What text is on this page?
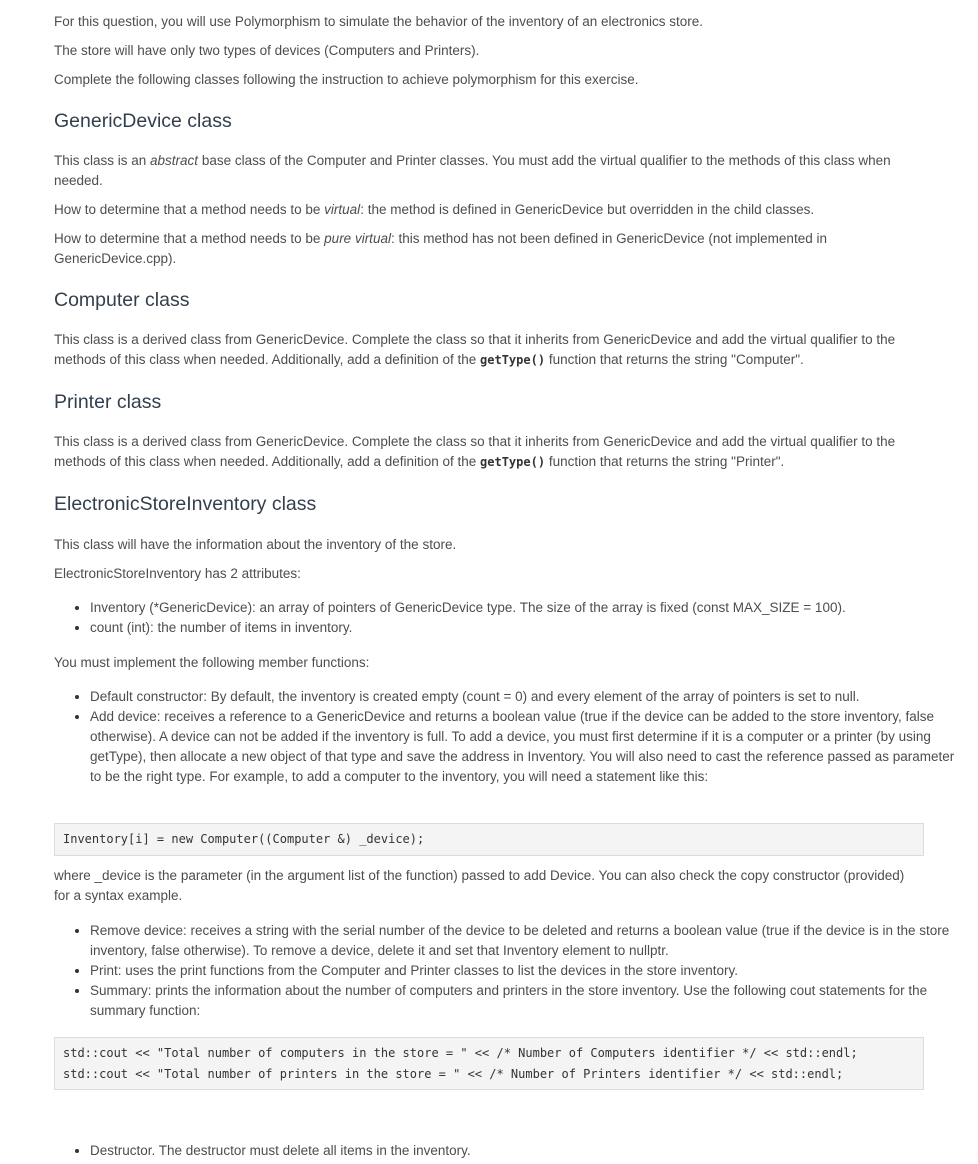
For this question, you will use Polymorphism to simulate the behavior of the inventory of an electronics store.

The store will have only two types of devices (Computers and Printers).

Complete the following classes following the instruction to achieve polymorphism for this exercise.

GenericDevice class

This class is an abstract base class of the Computer and Printer classes. You must add the virtual qualifier to the methods of this class when needed.

How to determine that a method needs to be virtual: the method is defined in GenericDevice but overridden in the child classes.

How to determine that a method needs to be pure virtual: this method has not been defined in GenericDevice (not implemented in GenericDevice.cpp).

Computer class

This class is a derived class from GenericDevice. Complete the class so that it inherits from GenericDevice and add the virtual qualifier to the methods of this class when needed. Additionally, add a definition of the getType() function that returns the string "Computer".

Printer class

This class is a derived class from GenericDevice. Complete the class so that it inherits from GenericDevice and add the virtual qualifier to the methods of this class when needed. Additionally, add a definition of the getType() function that returns the string "Printer".

ElectronicStoreInventory class

This class will have the information about the inventory of the store.

ElectronicStoreInventory has 2 attributes:

• Inventory (*GenericDevice): an array of pointers of GenericDevice type. The size of the array is fixed (const MAX_SIZE = 100).
• count (int): the number of items in inventory.

You must implement the following member functions:

• Default constructor: By default, the inventory is created empty (count = 0) and every element of the array of pointers is set to null.
• Add device: receives a reference to a GenericDevice and returns a boolean value (true if the device can be added to the store inventory, false otherwise). A device can not be added if the inventory is full. To add a device, you must first determine if it is a computer or a printer (by using getType), then allocate a new object of that type and save the address in Inventory. You will also need to cast the reference passed as parameter to be the right type. For example, to add a computer to the inventory, you will need a statement like this:
Inventory[i] = new Computer((Computer &) _device);

where _device is the parameter (in the argument list of the function) passed to add Device. You can also check the copy constructor (provided) for a syntax example.

• Remove device: receives a string with the serial number of the device to be deleted and returns a boolean value (true if the device is in the store inventory, false otherwise). To remove a device, delete it and set that Inventory element to nullptr.
• Print: uses the print functions from the Computer and Printer classes to list the devices in the store inventory.
• Summary: prints the information about the number of computers and printers in the store inventory. Use the following cout statements for the summary function:
std::cout << "Total number of computers in the store = " << /* Number of Computers identifier */ << std::endl;
std::cout << "Total number of printers in the store = " << /* Number of Printers identifier */ << std::endl;
• Destructor. The destructor must delete all items in the inventory.
